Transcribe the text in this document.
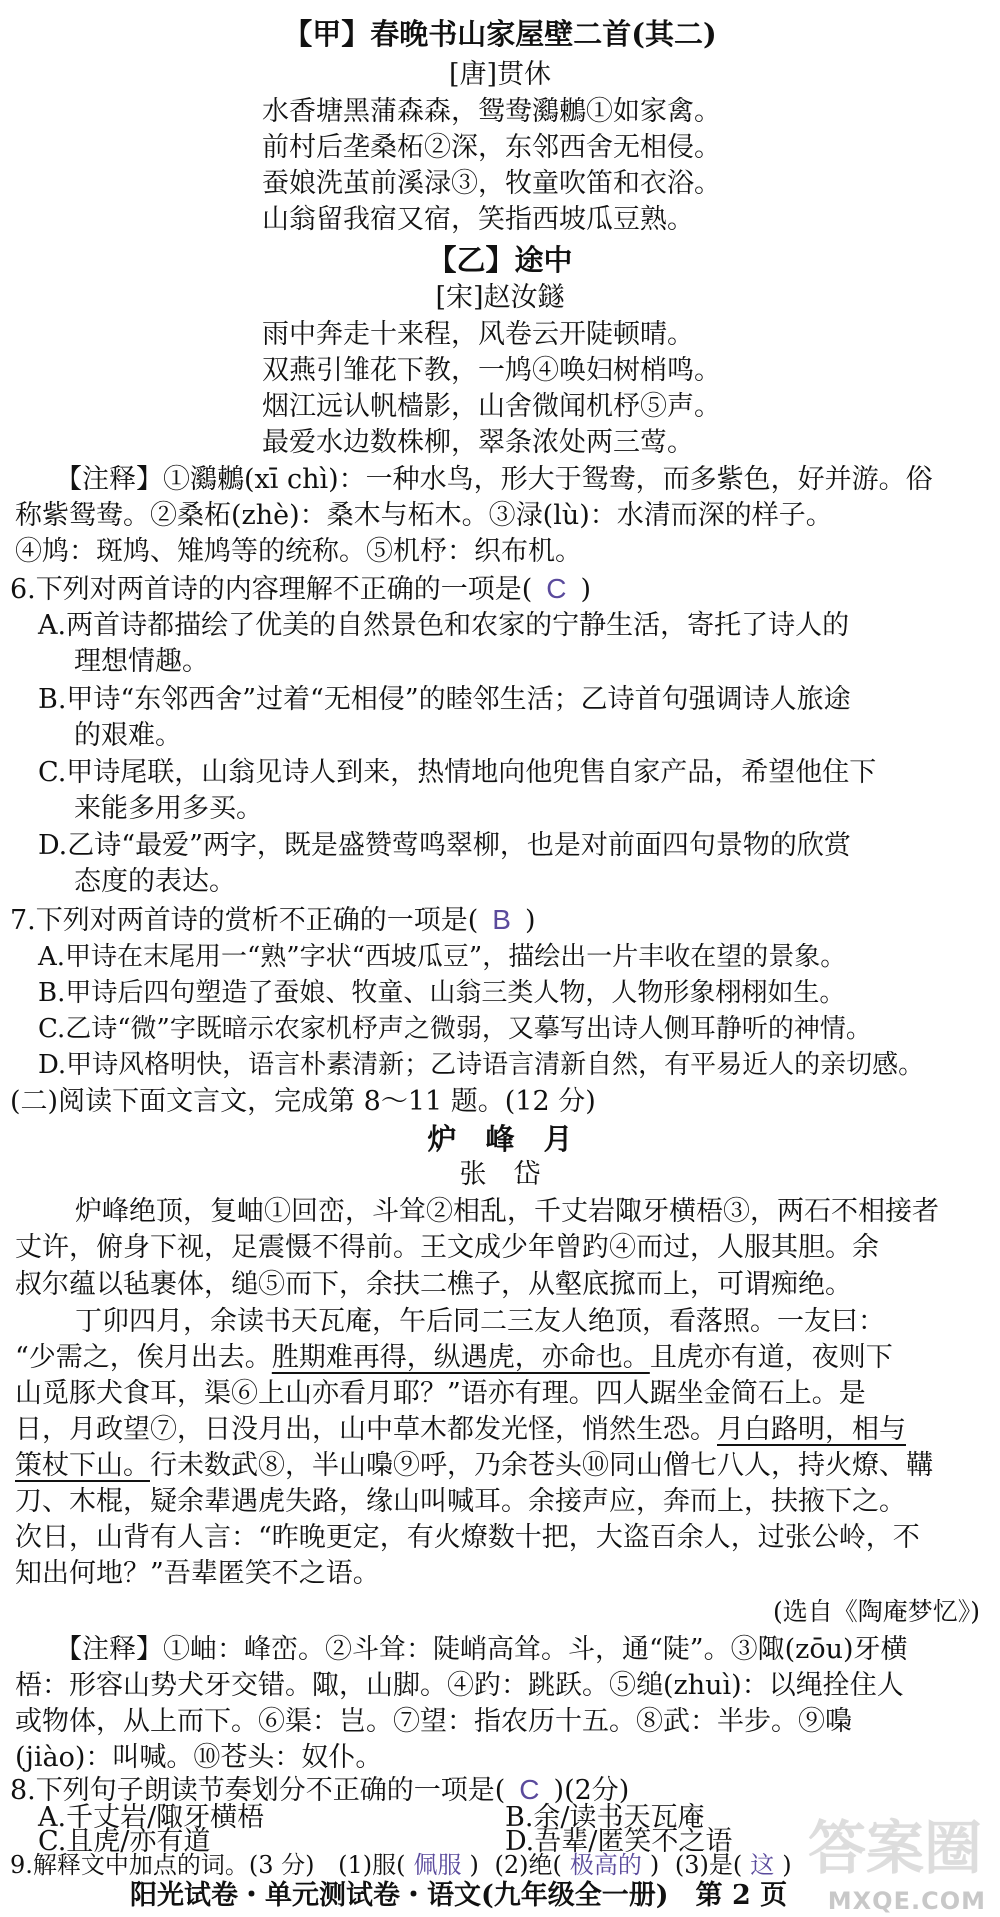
【甲】春晚书山家屋壁二首(其二)
[唐]贯休
水香塘黑蒲森森，鸳鸯鸂鶒①如家禽。
前村后垄桑柘②深，东邻西舍无相侵。
蚕娘洗茧前溪渌③，牧童吹笛和衣浴。
山翁留我宿又宿，笑指西坡瓜豆熟。
【乙】途中
[宋]赵汝鐩
雨中奔走十来程，风卷云开陡顿晴。
双燕引雏花下教，一鸠④唤妇树梢鸣。
烟江远认帆樯影，山舍微闻机杼⑤声。
最爱水边数株柳，翠条浓处两三莺。
【注释】①鸂鶒(xī chì)：一种水鸟，形大于鸳鸯，而多紫色，好并游。俗
称紫鸳鸯。②桑柘(zhè)：桑木与柘木。③渌(lù)：水清而深的样子。
④鸠：斑鸠、雉鸠等的统称。⑤机杼：织布机。
6.下列对两首诗的内容理解不正确的一项是( C )
A.两首诗都描绘了优美的自然景色和农家的宁静生活，寄托了诗人的
理想情趣。
B.甲诗“东邻西舍”过着“无相侵”的睦邻生活；乙诗首句强调诗人旅途
的艰难。
C.甲诗尾联，山翁见诗人到来，热情地向他兜售自家产品，希望他住下
来能多用多买。
D.乙诗“最爱”两字，既是盛赞莺鸣翠柳，也是对前面四句景物的欣赏
态度的表达。
7.下列对两首诗的赏析不正确的一项是( B )
A.甲诗在末尾用一“熟”字状“西坡瓜豆”，描绘出一片丰收在望的景象。
B.甲诗后四句塑造了蚕娘、牧童、山翁三类人物，人物形象栩栩如生。
C.乙诗“微”字既暗示农家机杼声之微弱，又摹写出诗人侧耳静听的神情。
D.甲诗风格明快，语言朴素清新；乙诗语言清新自然，有平易近人的亲切感。
(二)阅读下面文言文，完成第 8～11 题。(12 分)
炉　峰　月
张　岱
炉峰绝顶，复岫①回峦，斗耸②相乱，千丈岩陬牙横梧③，两石不相接者
丈许，俯身下视，足震慑不得前。王文成少年曾趵④而过，人服其胆。余
叔尔蕴以毡裹体，缒⑤而下，余扶二樵子，从壑底搲而上，可谓痴绝。
丁卯四月，余读书天瓦庵，午后同二三友人绝顶，看落照。一友曰：
“少需之，俟月出去。胜期难再得，纵遇虎，亦命也。且虎亦有道，夜则下
山觅豚犬食耳，渠⑥上山亦看月耶？”语亦有理。四人踞坐金简石上。是
日，月政望⑦，日没月出，山中草木都发光怪，悄然生恐。月白路明，相与
策杖下山。行未数武⑧，半山嘄⑨呼，乃余苍头⑩同山僧七八人，持火燎、鞲
刀、木棍，疑余辈遇虎失路，缘山叫喊耳。余接声应，奔而上，扶掖下之。
次日，山背有人言：“昨晚更定，有火燎数十把，大盗百余人，过张公岭，不
知出何地？”吾辈匿笑不之语。
(选自《陶庵梦忆》)
【注释】①岫：峰峦。②斗耸：陡峭高耸。斗，通“陡”。③陬(zōu)牙横
梧：形容山势犬牙交错。陬，山脚。④趵：跳跃。⑤缒(zhuì)：以绳拴住人
或物体，从上而下。⑥渠：岂。⑦望：指农历十五。⑧武：半步。⑨嘄
(jiào)：叫喊。⑩苍头：奴仆。
8.下列句子朗读节奏划分不正确的一项是( C )(2分)
A.千丈岩/陬牙横梧	B.余/读书天瓦庵
C.且虎/亦有道	D.吾辈/匿笑不之语
9.解释文中加点的词。(3 分) (1)服( 佩服 ) (2)绝( 极高的 ) (3)是( 这 )
阳光试卷・单元测试卷・语文(九年级全一册)　第 2 页
答案圈
MXQE.COM
